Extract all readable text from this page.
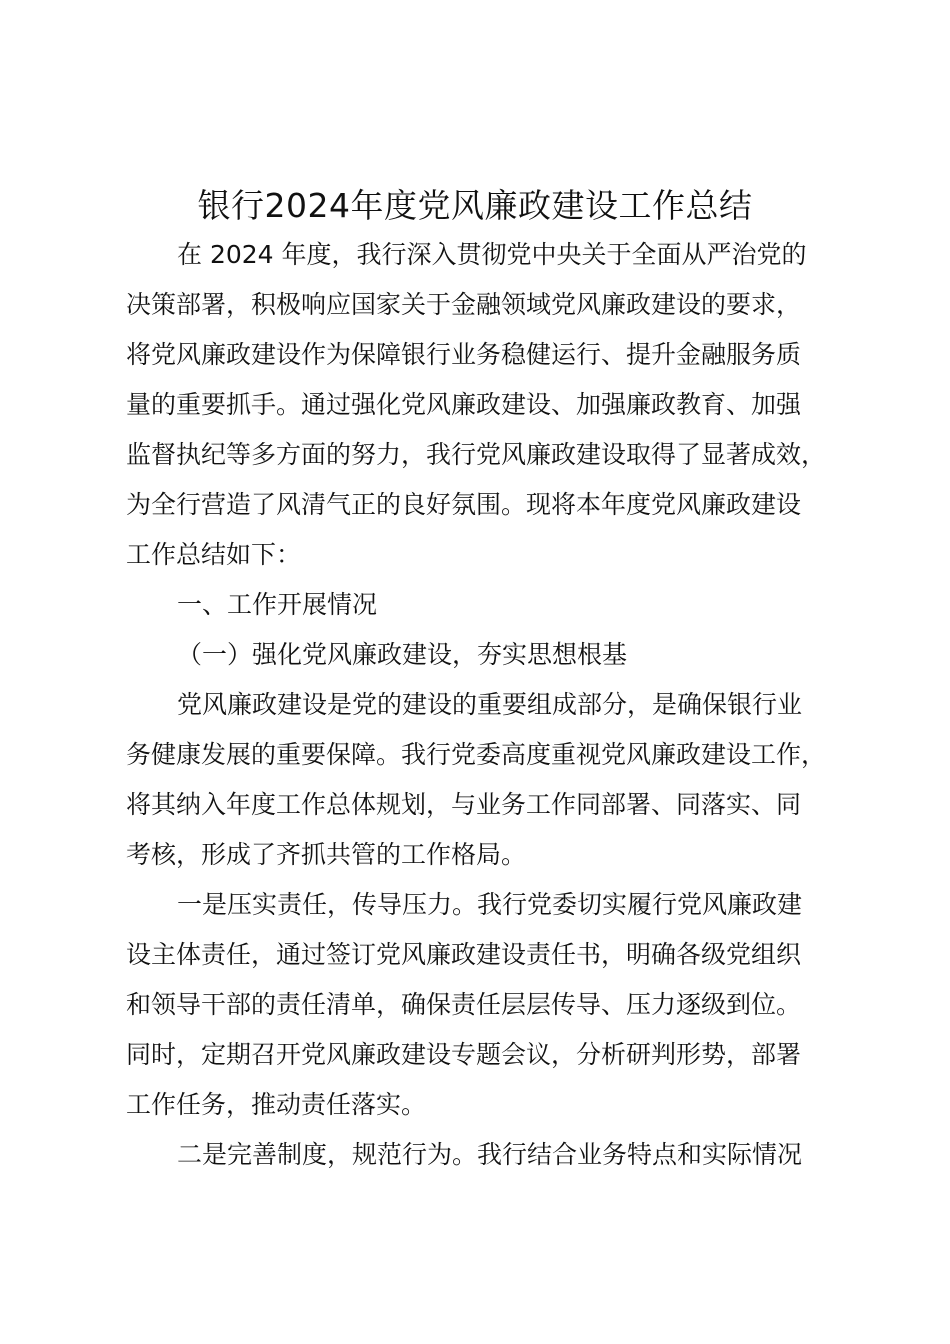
银行2024年度党风廉政建设工作总结

在 2024 年度，我行深入贯彻党中央关于全面从严治党的

决策部署，积极响应国家关于金融领域党风廉政建设的要求，

将党风廉政建设作为保障银行业务稳健运行、提升金融服务质

量的重要抓手。通过强化党风廉政建设、加强廉政教育、加强

监督执纪等多方面的努力，我行党风廉政建设取得了显著成效，

为全行营造了风清气正的良好氛围。现将本年度党风廉政建设

工作总结如下：

一、工作开展情况

（一）强化党风廉政建设，夯实思想根基

党风廉政建设是党的建设的重要组成部分，是确保银行业

务健康发展的重要保障。我行党委高度重视党风廉政建设工作，

将其纳入年度工作总体规划，与业务工作同部署、同落实、同

考核，形成了齐抓共管的工作格局。

一是压实责任，传导压力。我行党委切实履行党风廉政建

设主体责任，通过签订党风廉政建设责任书，明确各级党组织

和领导干部的责任清单，确保责任层层传导、压力逐级到位。

同时，定期召开党风廉政建设专题会议，分析研判形势，部署

工作任务，推动责任落实。

二是完善制度，规范行为。我行结合业务特点和实际情况
